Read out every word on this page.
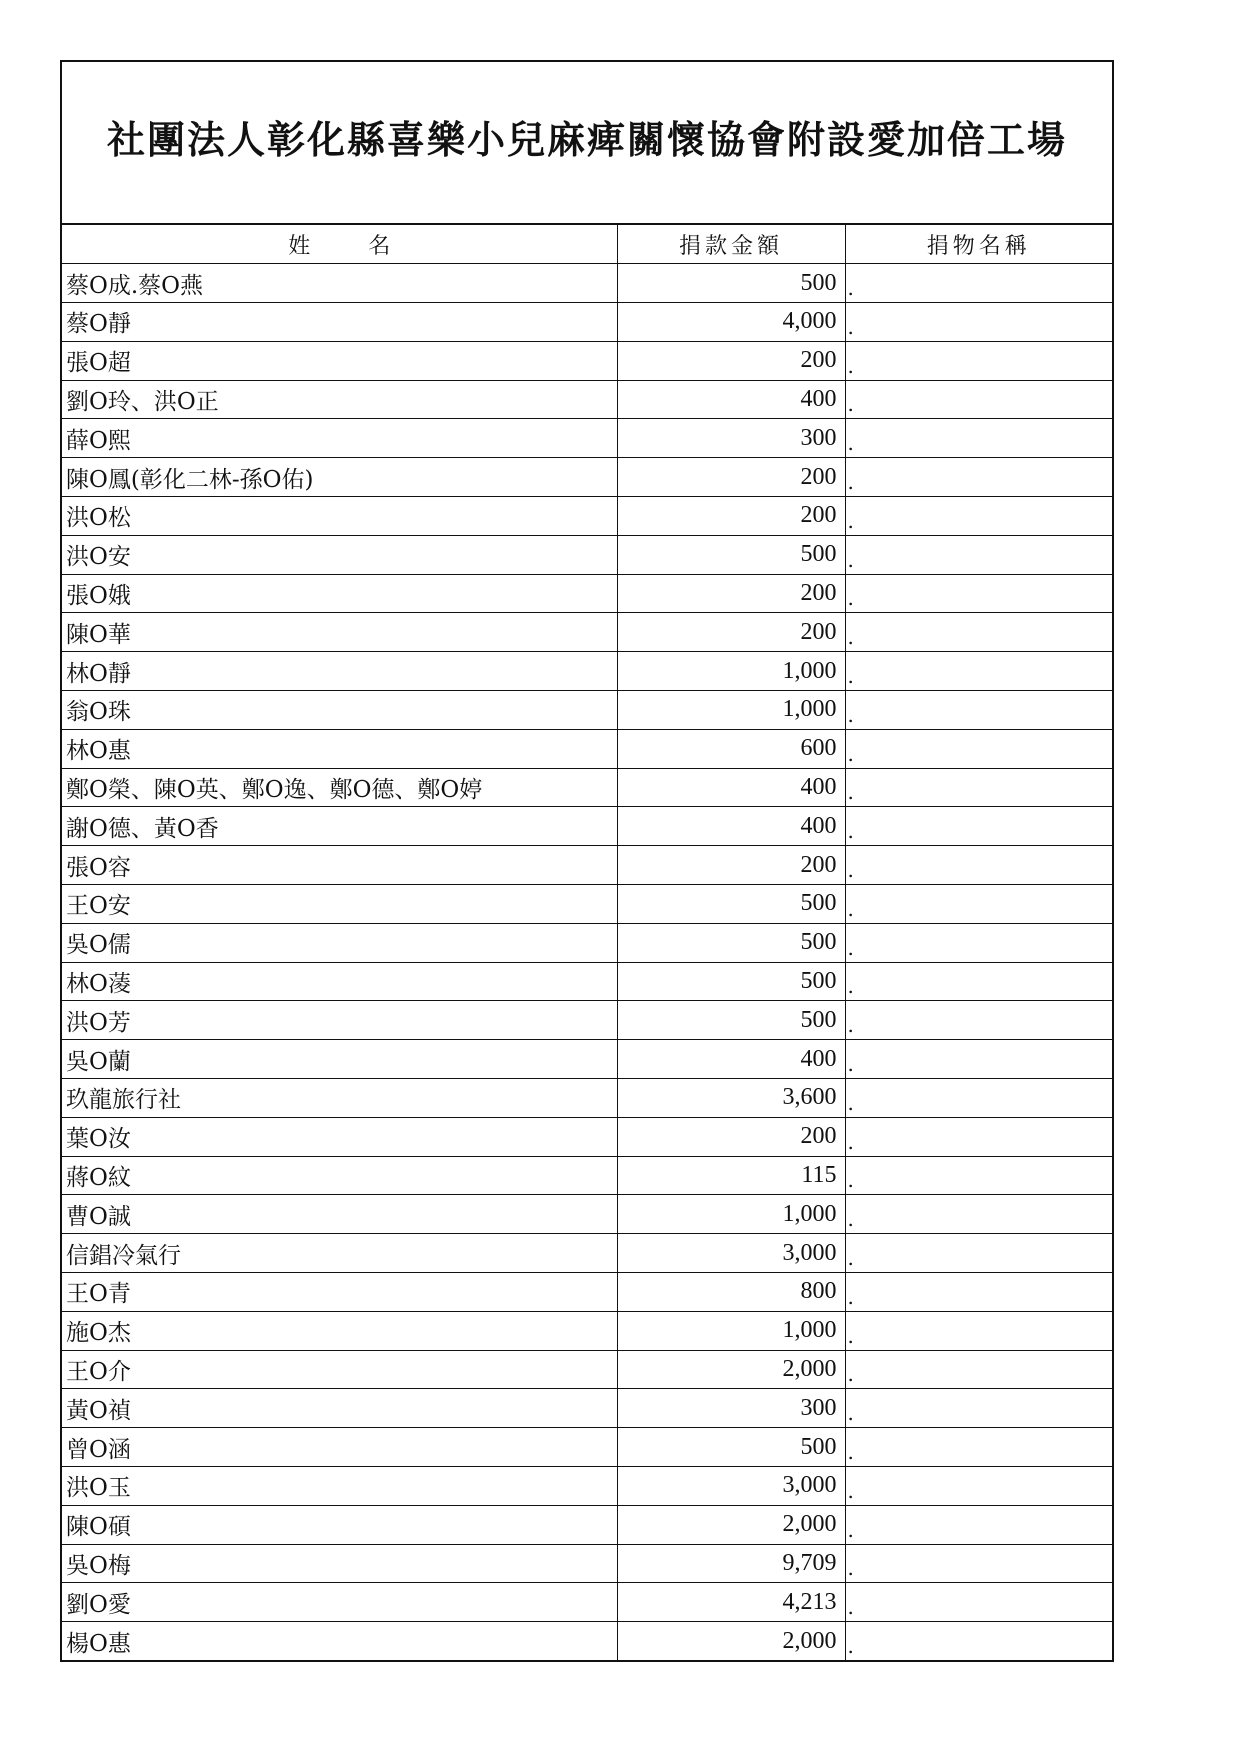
社團法人彰化縣喜樂小兒麻痺關懷協會附設愛加倍工場
姓 名	捐款金額	捐物名稱
蔡O成.蔡O燕	500	.
蔡O靜	4,000	.
張O超	200	.
劉O玲、洪O正	400	.
薛O熙	300	.
陳O鳳(彰化二林-孫O佑)	200	.
洪O松	200	.
洪O安	500	.
張O娥	200	.
陳O華	200	.
林O靜	1,000	.
翁O珠	1,000	.
林O惠	600	.
鄭O榮、陳O英、鄭O逸、鄭O德、鄭O婷	400	.
謝O德、黃O香	400	.
張O容	200	.
王O安	500	.
吳O儒	500	.
林O蓤	500	.
洪O芳	500	.
吳O蘭	400	.
玖龍旅行社	3,600	.
葉O汝	200	.
蔣O紋	115	.
曹O誠	1,000	.
信錩冷氣行	3,000	.
王O青	800	.
施O杰	1,000	.
王O介	2,000	.
黃O禎	300	.
曾O涵	500	.
洪O玉	3,000	.
陳O碩	2,000	.
吳O梅	9,709	.
劉O愛	4,213	.
楊O惠	2,000	.
